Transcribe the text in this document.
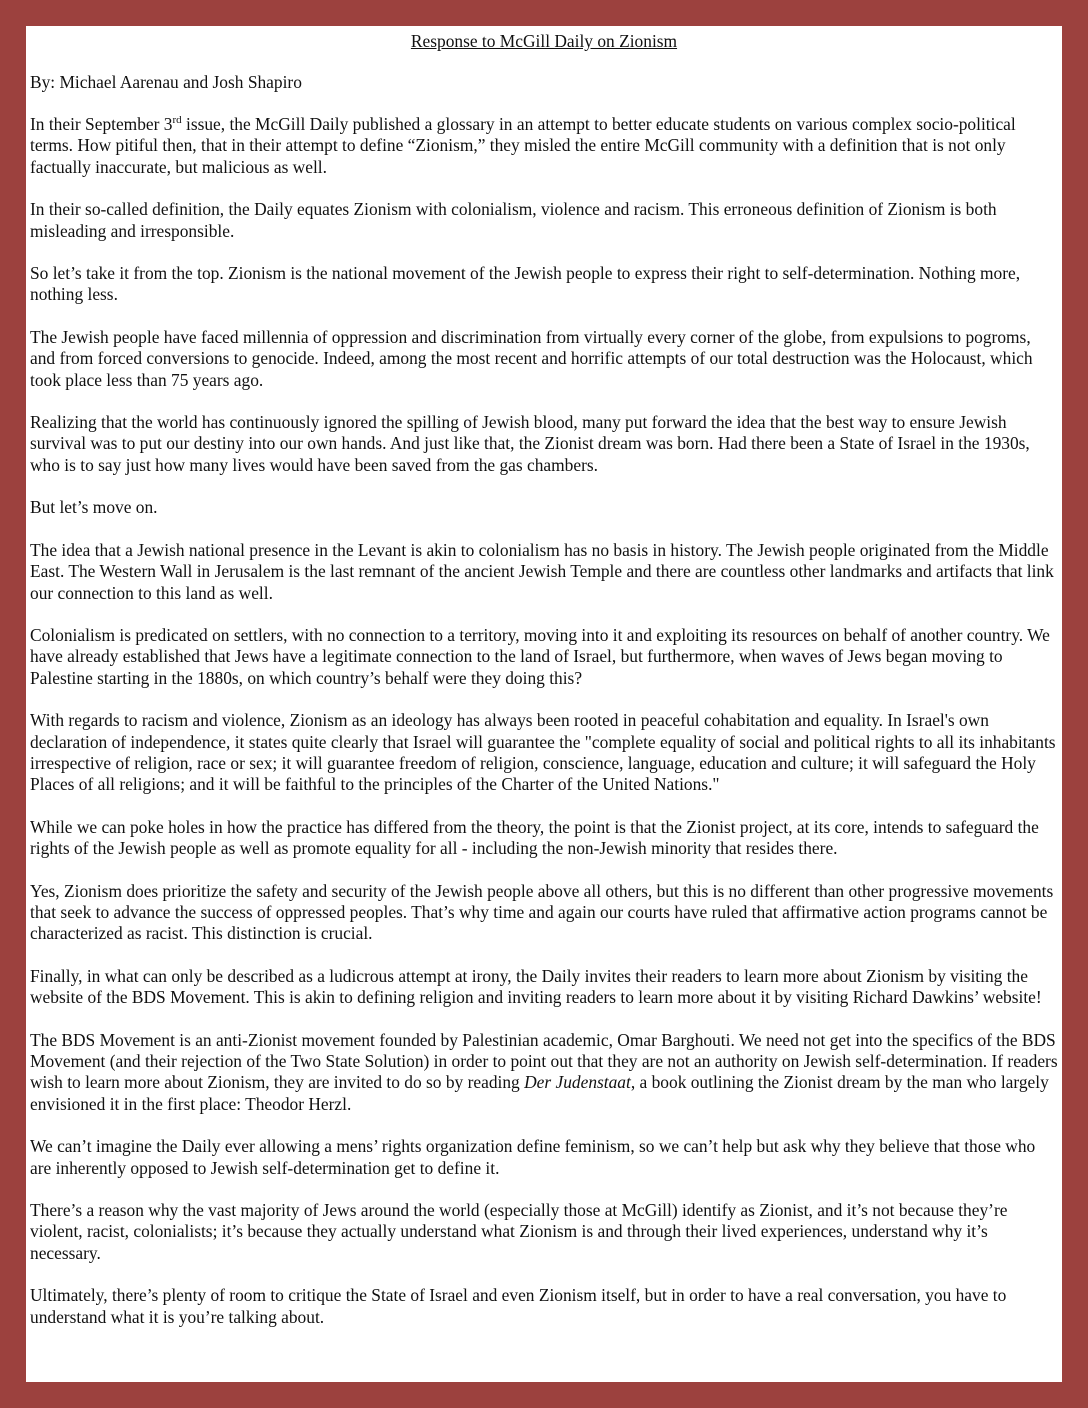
Response to McGill Daily on Zionism
By: Michael Aarenau and Josh Shapiro

In their September 3rd issue, the McGill Daily published a glossary in an attempt to better educate students on various complex socio-political terms. How pitiful then, that in their attempt to define “Zionism,” they misled the entire McGill community with a definition that is not only factually inaccurate, but malicious as well.

In their so-called definition, the Daily equates Zionism with colonialism, violence and racism. This erroneous definition of Zionism is both misleading and irresponsible.

So let’s take it from the top. Zionism is the national movement of the Jewish people to express their right to self-determination. Nothing more, nothing less.

The Jewish people have faced millennia of oppression and discrimination from virtually every corner of the globe, from expulsions to pogroms, and from forced conversions to genocide. Indeed, among the most recent and horrific attempts of our total destruction was the Holocaust, which took place less than 75 years ago.

Realizing that the world has continuously ignored the spilling of Jewish blood, many put forward the idea that the best way to ensure Jewish survival was to put our destiny into our own hands. And just like that, the Zionist dream was born. Had there been a State of Israel in the 1930s, who is to say just how many lives would have been saved from the gas chambers.

But let’s move on.

The idea that a Jewish national presence in the Levant is akin to colonialism has no basis in history. The Jewish people originated from the Middle East. The Western Wall in Jerusalem is the last remnant of the ancient Jewish Temple and there are countless other landmarks and artifacts that link our connection to this land as well.

Colonialism is predicated on settlers, with no connection to a territory, moving into it and exploiting its resources on behalf of another country. We have already established that Jews have a legitimate connection to the land of Israel, but furthermore, when waves of Jews began moving to Palestine starting in the 1880s, on which country’s behalf were they doing this?

With regards to racism and violence, Zionism as an ideology has always been rooted in peaceful cohabitation and equality. In Israel's own declaration of independence, it states quite clearly that Israel will guarantee the "complete equality of social and political rights to all its inhabitants irrespective of religion, race or sex; it will guarantee freedom of religion, conscience, language, education and culture; it will safeguard the Holy Places of all religions; and it will be faithful to the principles of the Charter of the United Nations."

While we can poke holes in how the practice has differed from the theory, the point is that the Zionist project, at its core, intends to safeguard the rights of the Jewish people as well as promote equality for all - including the non-Jewish minority that resides there.

Yes, Zionism does prioritize the safety and security of the Jewish people above all others, but this is no different than other progressive movements that seek to advance the success of oppressed peoples. That’s why time and again our courts have ruled that affirmative action programs cannot be characterized as racist. This distinction is crucial.

Finally, in what can only be described as a ludicrous attempt at irony, the Daily invites their readers to learn more about Zionism by visiting the website of the BDS Movement. This is akin to defining religion and inviting readers to learn more about it by visiting Richard Dawkins’ website!

The BDS Movement is an anti-Zionist movement founded by Palestinian academic, Omar Barghouti. We need not get into the specifics of the BDS Movement (and their rejection of the Two State Solution) in order to point out that they are not an authority on Jewish self-determination. If readers wish to learn more about Zionism, they are invited to do so by reading Der Judenstaat, a book outlining the Zionist dream by the man who largely envisioned it in the first place: Theodor Herzl.

We can’t imagine the Daily ever allowing a mens’ rights organization define feminism, so we can’t help but ask why they believe that those who are inherently opposed to Jewish self-determination get to define it.

There’s a reason why the vast majority of Jews around the world (especially those at McGill) identify as Zionist, and it’s not because they’re violent, racist, colonialists; it’s because they actually understand what Zionism is and through their lived experiences, understand why it’s necessary.

Ultimately, there’s plenty of room to critique the State of Israel and even Zionism itself, but in order to have a real conversation, you have to understand what it is you’re talking about.
